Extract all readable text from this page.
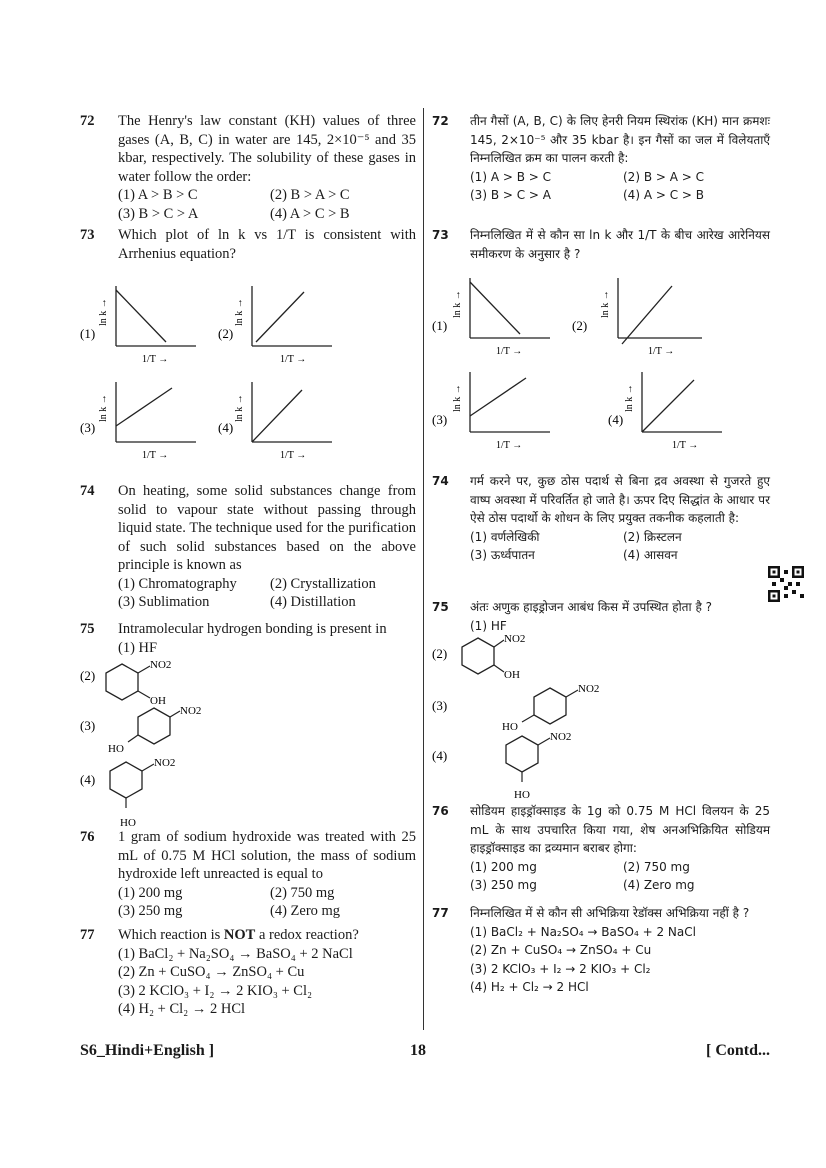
72 The Henry's law constant (KH) values of three gases (A, B, C) in water are 145, 2×10⁻⁵ and 35 kbar, respectively. The solubility of these gases in water follow the order:
(1) A > B > C	(2) B > A > C
(3) B > C > A	(4) A > C > B
73 Which plot of ln k vs 1/T is consistent with Arrhenius equation?
(1)
ln k →
1/T →
(2)
ln k →
1/T →
(3)
ln k →
1/T →
(4)
ln k →
1/T →
74 On heating, some solid substances change from solid to vapour state without passing through liquid state. The technique used for the purification of such solid substances based on the above principle is known as
(1) Chromatography	(2) Crystallization
(3) Sublimation	(4) Distillation
75 Intramolecular hydrogen bonding is present in
(1) HF
(2)
NO2
OH
(3)
NO2
HO
(4)
NO2
HO
76 1 gram of sodium hydroxide was treated with 25 mL of 0.75 M HCl solution, the mass of sodium hydroxide left unreacted is equal to
(1) 200 mg	(2) 750 mg
(3) 250 mg	(4) Zero mg
77 Which reaction is NOT a redox reaction?
(1) BaCl₂ + Na₂SO₄ → BaSO₄ + 2 NaCl
(2) Zn + CuSO₄ → ZnSO₄ + Cu
(3) 2 KClO₃ + I₂ → 2 KIO₃ + Cl₂
(4) H₂ + Cl₂ → 2 HCl
72 तीन गैसों (A, B, C) के लिए हेनरी नियम स्थिरांक (KH) मान क्रमशः 145, 2×10⁻⁵ और 35 kbar है। इन गैसों का जल में विलेयताएँ निम्नलिखित क्रम का पालन करती है:
(1) A > B > C	(2) B > A > C
(3) B > C > A	(4) A > C > B
73 निम्नलिखित में से कौन सा ln k और 1/T के बीच आरेख आरेनियस समीकरण के अनुसार है ?
(1)
ln k →
1/T →
(2)
ln k →
1/T →
(3)
ln k →
1/T →
(4)
ln k →
1/T →
74 गर्म करने पर, कुछ ठोस पदार्थ से बिना द्रव अवस्था से गुजरते हुए वाष्प अवस्था में परिवर्तित हो जाते है। ऊपर दिए सिद्धांत के आधार पर ऐसे ठोस पदार्थो के शोधन के लिए प्रयुक्त तकनीक कहलाती है:
(1) वर्णलेखिकी	(2) क्रिस्टलन
(3) ऊर्ध्वपातन	(4) आसवन
75 अंतः अणुक हाइड्रोजन आबंध किस में उपस्थित होता है ?
(1) HF
(2)
NO2
OH
(3)
NO2
HO
(4)
NO2
HO
76 सोडियम हाइड्रॉक्साइड के 1g को 0.75 M HCl विलयन के 25 mL के साथ उपचारित किया गया, शेष अनअभिक्रियित सोडियम हाइड्रॉक्साइड का द्रव्यमान बराबर होगा:
(1) 200 mg	(2) 750 mg
(3) 250 mg	(4) Zero mg
77 निम्नलिखित में से कौन सी अभिक्रिया रेडॉक्स अभिक्रिया नहीं है ?
(1) BaCl₂ + Na₂SO₄ → BaSO₄ + 2 NaCl
(2) Zn + CuSO₄ → ZnSO₄ + Cu
(3) 2 KClO₃ + I₂ → 2 KIO₃ + Cl₂
(4) H₂ + Cl₂ → 2 HCl
S6_Hindi+English ]	18	[ Contd...
